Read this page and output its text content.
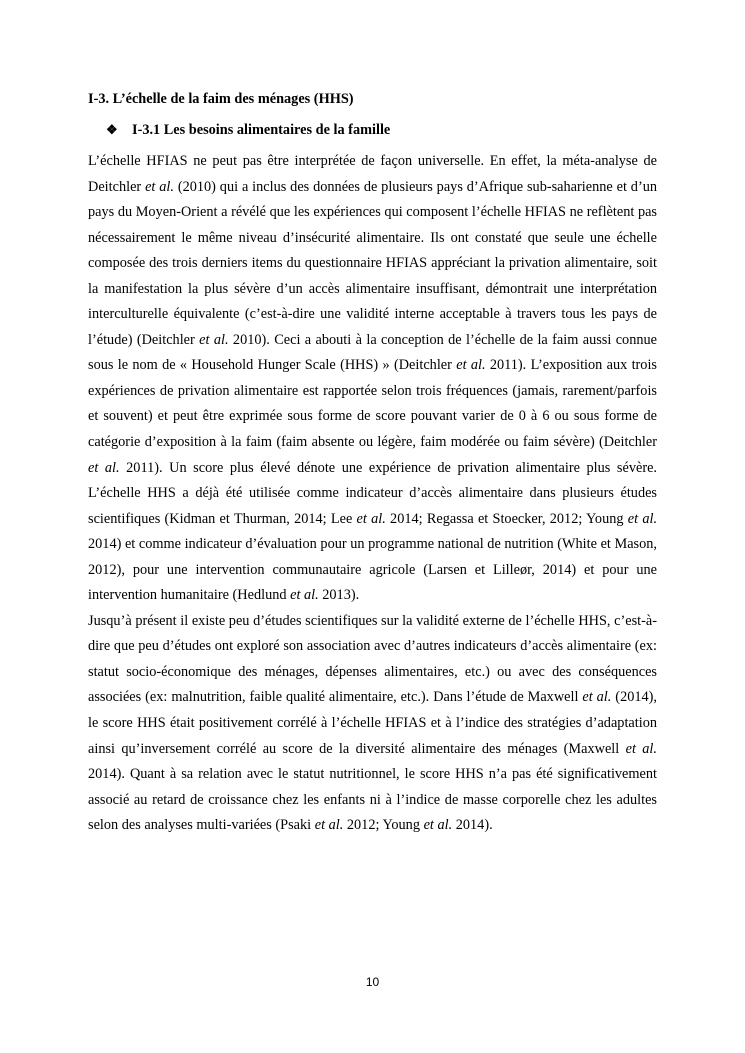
I-3. L’échelle de la faim des ménages (HHS)
❖ I-3.1 Les besoins alimentaires de la famille

L’échelle HFIAS ne peut pas être interprétée de façon universelle. En effet, la méta-analyse de Deitchler et al. (2010) qui a inclus des données de plusieurs pays d’Afrique sub-saharienne et d’un pays du Moyen-Orient a révélé que les expériences qui composent l’échelle HFIAS ne reflètent pas nécessairement le même niveau d’insécurité alimentaire. Ils ont constaté que seule une échelle composée des trois derniers items du questionnaire HFIAS appréciant la privation alimentaire, soit la manifestation la plus sévère d’un accès alimentaire insuffisant, démontrait une interprétation interculturelle équivalente (c’est-à-dire une validité interne acceptable à travers tous les pays de l’étude) (Deitchler et al. 2010). Ceci a abouti à la conception de l’échelle de la faim aussi connue sous le nom de « Household Hunger Scale (HHS) » (Deitchler et al. 2011). L’exposition aux trois expériences de privation alimentaire est rapportée selon trois fréquences (jamais, rarement/parfois et souvent) et peut être exprimée sous forme de score pouvant varier de 0 à 6 ou sous forme de catégorie d’exposition à la faim (faim absente ou légère, faim modérée ou faim sévère) (Deitchler et al. 2011). Un score plus élevé dénote une expérience de privation alimentaire plus sévère. L’échelle HHS a déjà été utilisée comme indicateur d’accès alimentaire dans plusieurs études scientifiques (Kidman et Thurman, 2014; Lee et al. 2014; Regassa et Stoecker, 2012; Young et al. 2014) et comme indicateur d’évaluation pour un programme national de nutrition (White et Mason, 2012), pour une intervention communautaire agricole (Larsen et Lilleør, 2014) et pour une intervention humanitaire (Hedlund et al. 2013).

Jusqu’à présent il existe peu d’études scientifiques sur la validité externe de l’échelle HHS, c’est-à-dire que peu d’études ont exploré son association avec d’autres indicateurs d’accès alimentaire (ex: statut socio-économique des ménages, dépenses alimentaires, etc.) ou avec des conséquences associées (ex: malnutrition, faible qualité alimentaire, etc.). Dans l’étude de Maxwell et al. (2014), le score HHS était positivement corrélé à l’échelle HFIAS et à l’indice des stratégies d’adaptation ainsi qu’inversement corrélé au score de la diversité alimentaire des ménages (Maxwell et al. 2014). Quant à sa relation avec le statut nutritionnel, le score HHS n’a pas été significativement associé au retard de croissance chez les enfants ni à l’indice de masse corporelle chez les adultes selon des analyses multi-variées (Psaki et al. 2012; Young et al. 2014).

10
